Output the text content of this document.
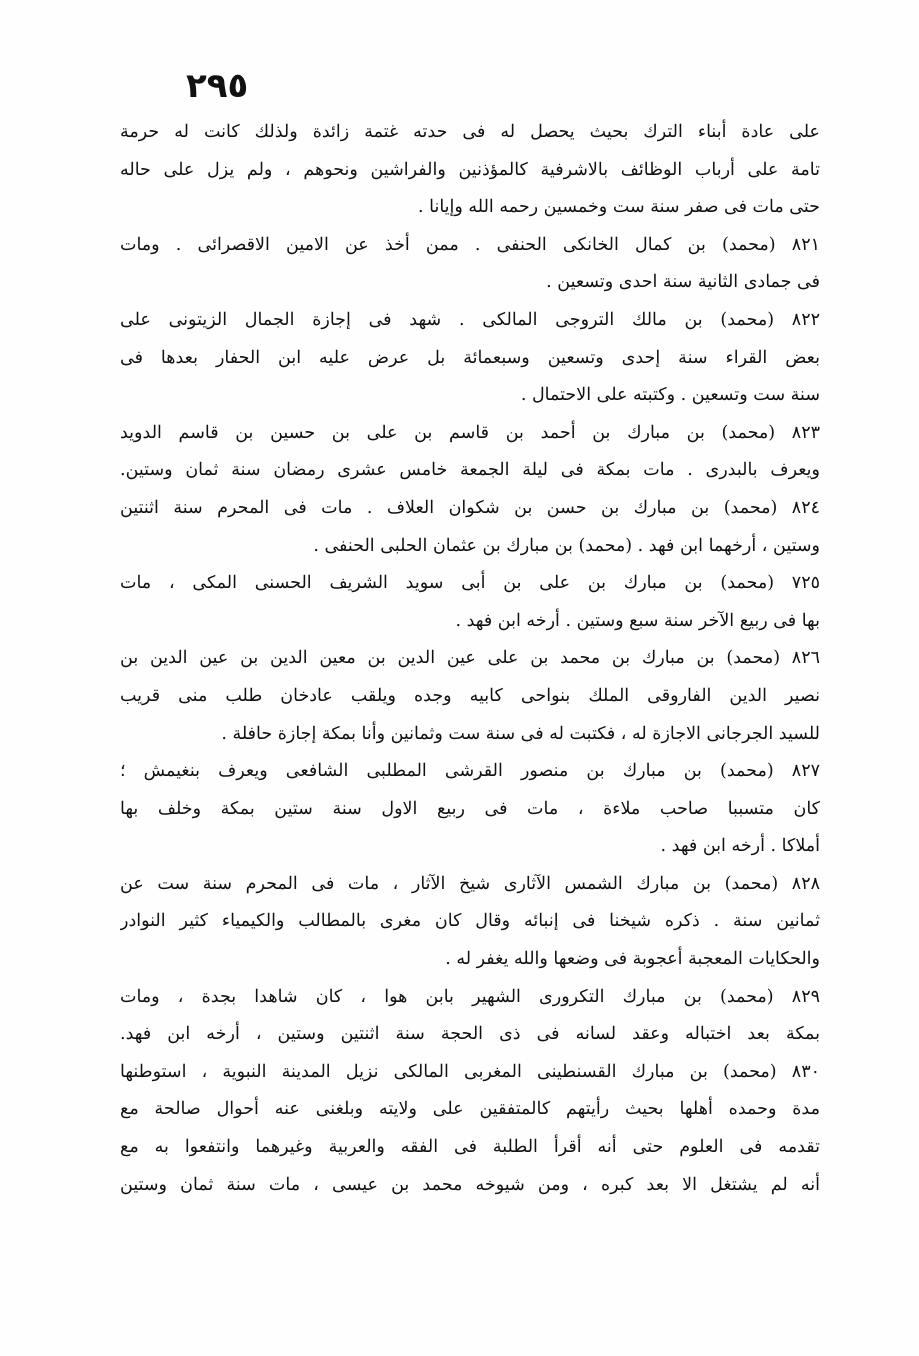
٢٩٥
على عادة أبناء الترك بحيث يحصل له فى حدته غتمة زائدة ولذلك كانت له حرمة
تامة على أرباب الوظائف بالاشرفية كالمؤذنين والفراشين ونحوهم ، ولم يزل على حاله
حتى مات فى صفر سنة ست وخمسين رحمه الله وإيانا .
٨٢١ (محمد) بن كمال الخانكى الحنفى . ممن أخذ عن الامين الاقصرائى . ومات
فى جمادى الثانية سنة احدى وتسعين .
٨٢٢ (محمد) بن مالك التروجى المالكى . شهد فى إجازة الجمال الزيتونى على
بعض القراء سنة إحدى وتسعين وسبعمائة بل عرض عليه ابن الحفار بعدها فى
سنة ست وتسعين . وكتبته على الاحتمال .
٨٢٣ (محمد) بن مبارك بن أحمد بن قاسم بن على بن حسين بن قاسم الدويد
ويعرف بالبدرى . مات بمكة فى ليلة الجمعة خامس عشرى رمضان سنة ثمان وستين.
٨٢٤ (محمد) بن مبارك بن حسن بن شكوان العلاف . مات فى المحرم سنة اثنتين
وستين ، أرخهما ابن فهد . (محمد) بن مبارك بن عثمان الحلبى الحنفى .
٧٢٥ (محمد) بن مبارك بن على بن أبى سويد الشريف الحسنى المكى ، مات
بها فى ربيع الآخر سنة سبع وستين . أرخه ابن فهد .
٨٢٦ (محمد) بن مبارك بن محمد بن على عين الدين بن معين الدين بن عين الدين بن
نصير الدين الفاروقى الملك بنواحى كابيه وجده ويلقب عادخان طلب منى قريب
للسيد الجرجانى الاجازة له ، فكتبت له فى سنة ست وثمانين وأنا بمكة إجازة حافلة .
٨٢٧ (محمد) بن مبارك بن منصور القرشى المطلبى الشافعى ويعرف بنغيمش ؛
كان متسببا صاحب ملاءة ، مات فى ربيع الاول سنة ستين بمكة وخلف بها
أملاكا . أرخه ابن فهد .
٨٢٨ (محمد) بن مبارك الشمس الآثارى شيخ الآثار ، مات فى المحرم سنة ست عن
ثمانين سنة . ذكره شيخنا فى إنبائه وقال كان مغرى بالمطالب والكيمياء كثير النوادر
والحكايات المعجبة أعجوبة فى وضعها والله يغفر له .
٨٢٩ (محمد) بن مبارك التكرورى الشهير بابن هوا ، كان شاهدا بجدة ، ومات
بمكة بعد اختباله وعقد لسانه فى ذى الحجة سنة اثنتين وستين ، أرخه ابن فهد.
٨٣٠ (محمد) بن مبارك القسنطينى المغربى المالكى نزيل المدينة النبوية ، استوطنها
مدة وحمده أهلها بحيث رأيتهم كالمتفقين على ولايته وبلغنى عنه أحوال صالحة مع
تقدمه فى العلوم حتى أنه أقرأ الطلبة فى الفقه والعربية وغيرهما وانتفعوا به مع
أنه لم يشتغل الا بعد كبره ، ومن شيوخه محمد بن عيسى ، مات سنة ثمان وستين
